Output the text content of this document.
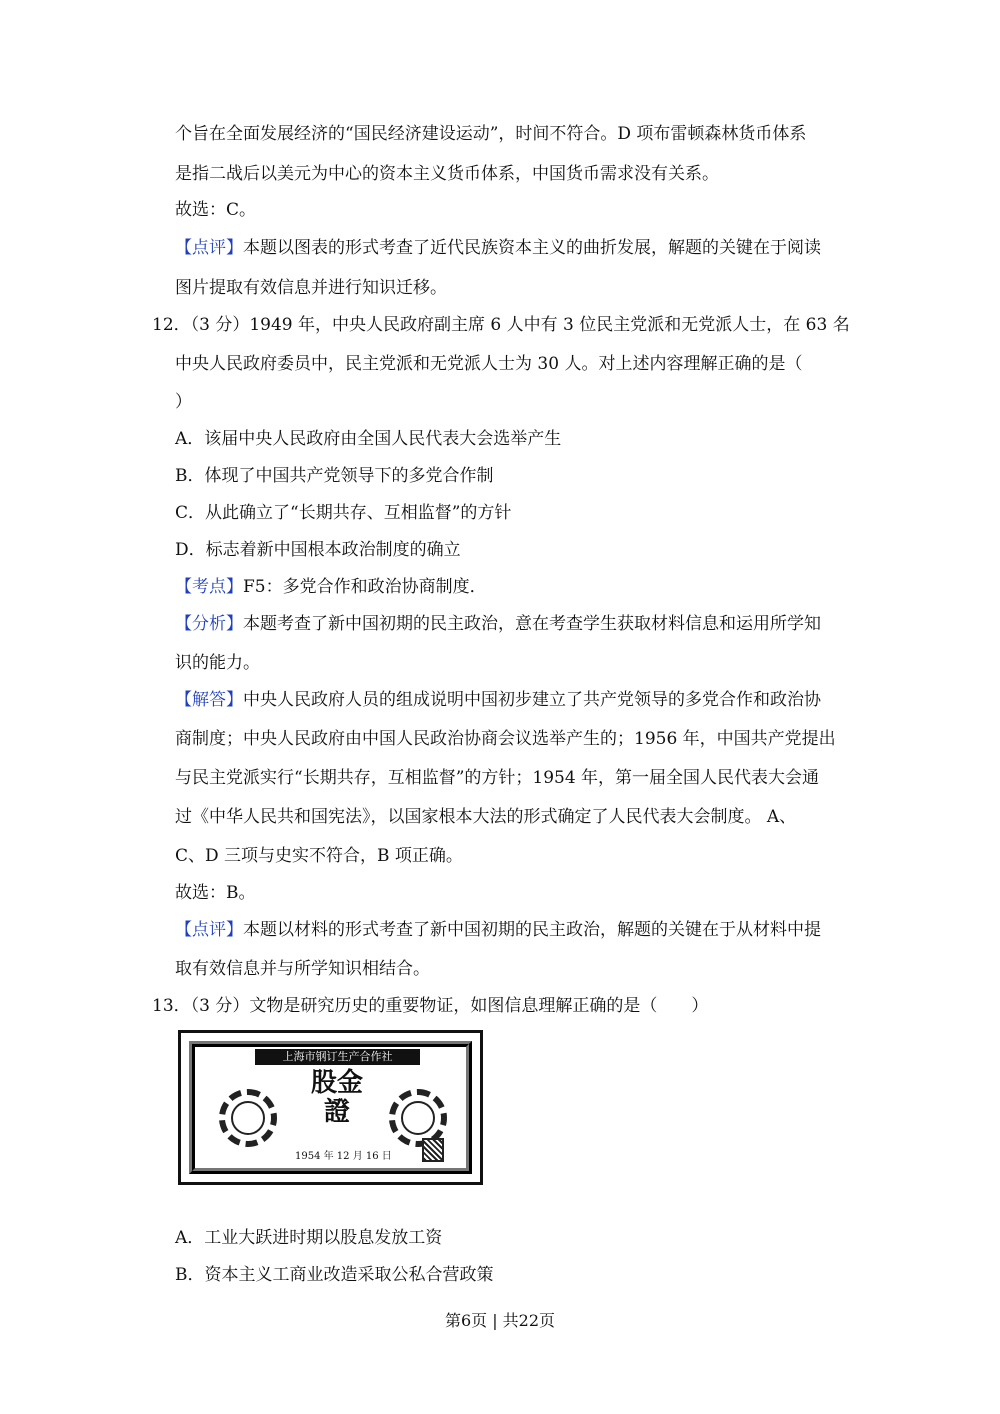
个旨在全面发展经济的“国民经济建设运动”，时间不符合。D 项布雷顿森林货币体系
是指二战后以美元为中心的资本主义货币体系，中国货币需求没有关系。
故选：C。
【点评】本题以图表的形式考查了近代民族资本主义的曲折发展，解题的关键在于阅读
图片提取有效信息并进行知识迁移。
12．（3 分）1949 年，中央人民政府副主席 6 人中有 3 位民主党派和无党派人士，在 63 名
中央人民政府委员中，民主党派和无党派人士为 30 人。对上述内容理解正确的是（
）
A．该届中央人民政府由全国人民代表大会选举产生
B．体现了中国共产党领导下的多党合作制
C．从此确立了“长期共存、互相监督”的方针
D．标志着新中国根本政治制度的确立
【考点】F5：多党合作和政治协商制度．
【分析】本题考查了新中国初期的民主政治，意在考查学生获取材料信息和运用所学知
识的能力。
【解答】中央人民政府人员的组成说明中国初步建立了共产党领导的多党合作和政治协
商制度；中央人民政府由中国人民政治协商会议选举产生的；1956 年，中国共产党提出
与民主党派实行“长期共存，互相监督”的方针；1954 年，第一届全国人民代表大会通
过《中华人民共和国宪法》，以国家根本大法的形式确定了人民代表大会制度。 A、
C、D 三项与史实不符合，B 项正确。
故选：B。
【点评】本题以材料的形式考查了新中国初期的民主政治，解题的关键在于从材料中提
取有效信息并与所学知识相结合。
13．（3 分）文物是研究历史的重要物证，如图信息理解正确的是（　　）
上海市钢订生产合作社
股金證
1954 年 12 月 16 日
A．工业大跃进时期以股息发放工资
B．资本主义工商业改造采取公私合营政策
第6页 | 共22页
